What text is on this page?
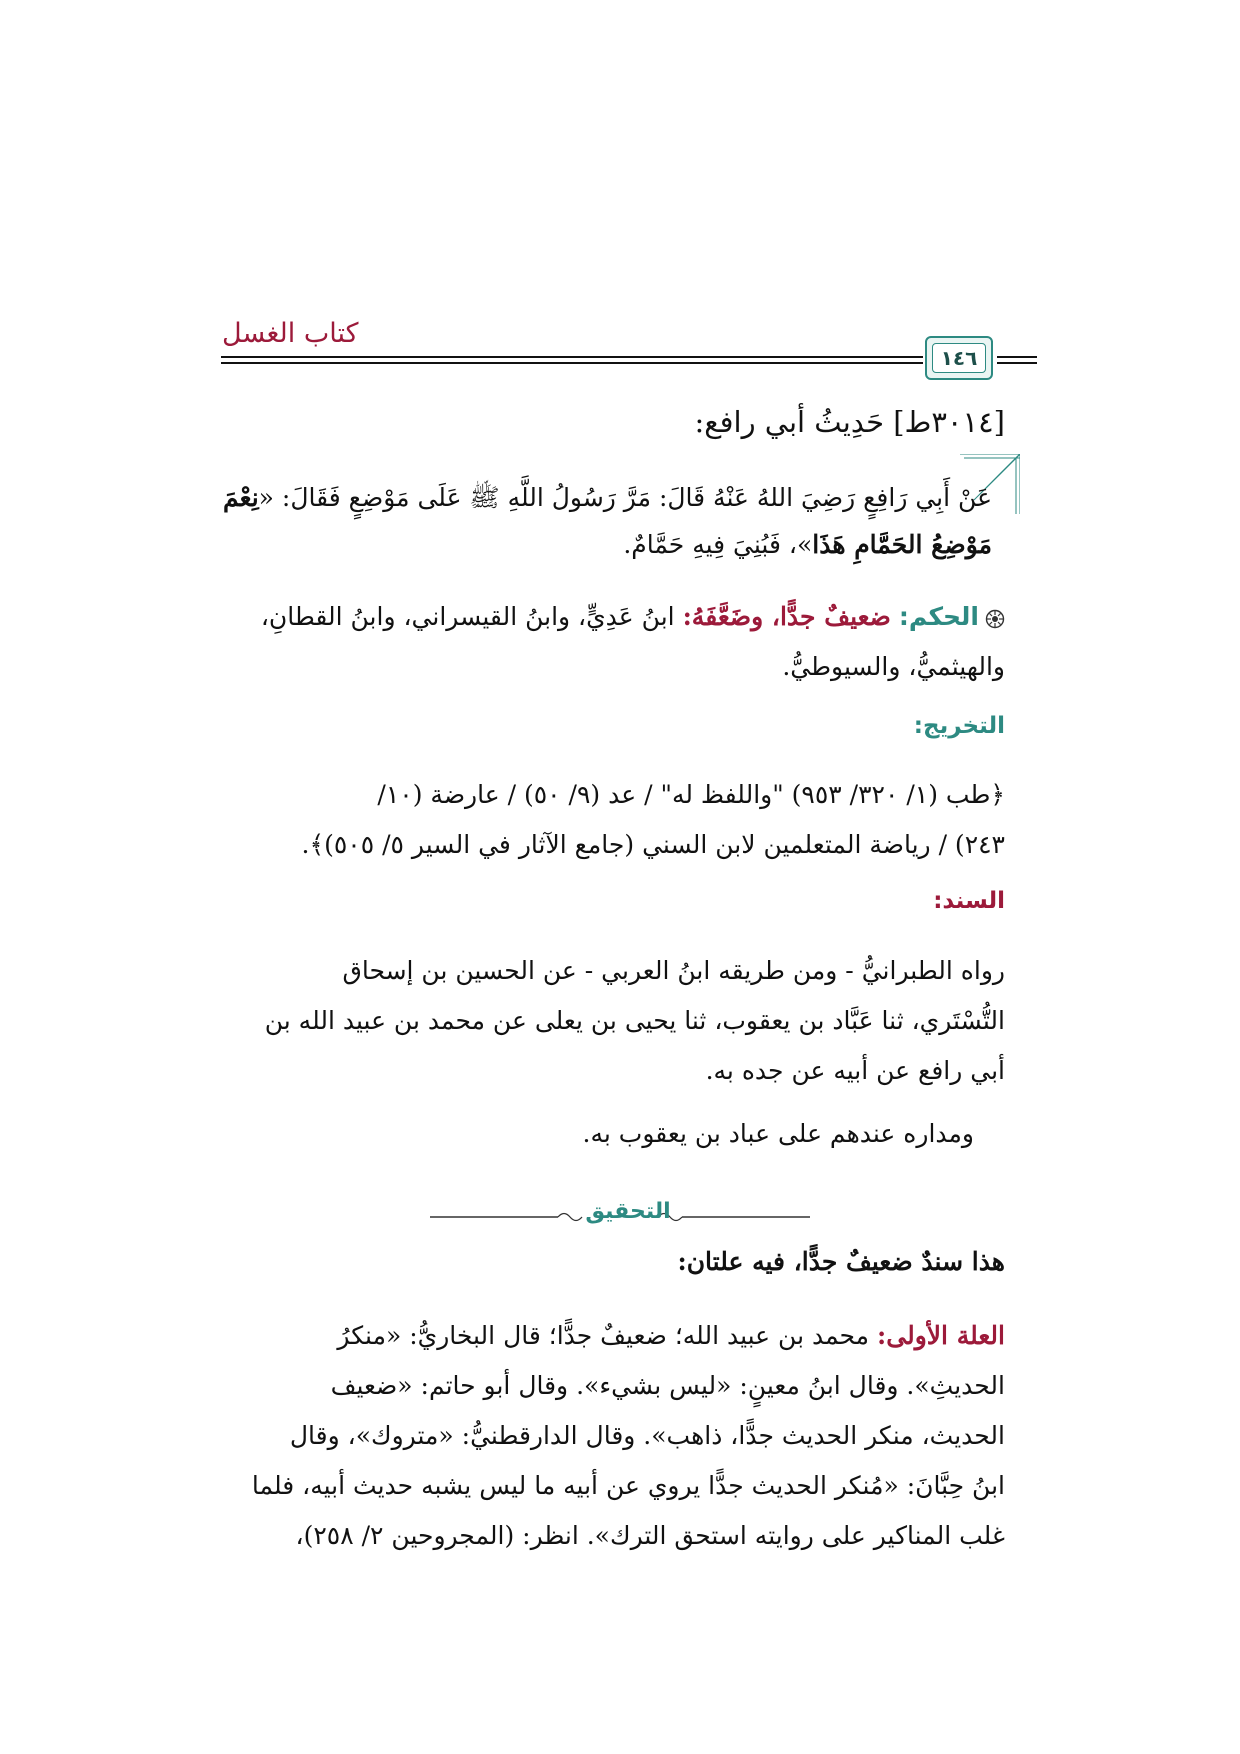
كتاب الغسل
١٤٦
[٣٠١٤ط] حَدِيثُ أبي رافع:
عَنْ أَبِي رَافِعٍ رَضِيَ اللهُ عَنْهُ قَالَ: مَرَّ رَسُولُ اللَّهِ ﷺ عَلَى مَوْضِعٍ فَقَالَ: «نِعْمَ
مَوْضِعُ الحَمَّامِ هَذَا»، فَبُنِيَ فِيهِ حَمَّامٌ.
الحكم: ضعيفٌ جدًّا، وضَعَّفَهُ: ابنُ عَدِيٍّ، وابنُ القيسراني، وابنُ القطانِ،
والهيثميُّ، والسيوطيُّ.
التخريج:
﴿طب (١/ ٣٢٠/ ٩٥٣) "واللفظ له" / عد (٩/ ٥٠) / عارضة (١٠/
٢٤٣) / رياضة المتعلمين لابن السني (جامع الآثار في السير ٥/ ٥٠٥)﴾.
السند:
رواه الطبرانيُّ - ومن طريقه ابنُ العربي - عن الحسين بن إسحاق
التُّسْتَري، ثنا عَبَّاد بن يعقوب، ثنا يحيى بن يعلى عن محمد بن عبيد الله بن
أبي رافع عن أبيه عن جده به.
ومداره عندهم على عباد بن يعقوب به.
التحقيق
هذا سندٌ ضعيفٌ جدًّا، فيه علتان:
العلة الأولى: محمد بن عبيد الله؛ ضعيفٌ جدًّا؛ قال البخاريُّ: «منكرُ
الحديثِ». وقال ابنُ معينٍ: «ليس بشيء». وقال أبو حاتم: «ضعيف
الحديث، منكر الحديث جدًّا، ذاهب». وقال الدارقطنيُّ: «متروك»، وقال
ابنُ حِبَّانَ: «مُنكر الحديث جدًّا يروي عن أبيه ما ليس يشبه حديث أبيه، فلما
غلب المناكير على روايته استحق الترك». انظر: (المجروحين ٢/ ٢٥٨)،
